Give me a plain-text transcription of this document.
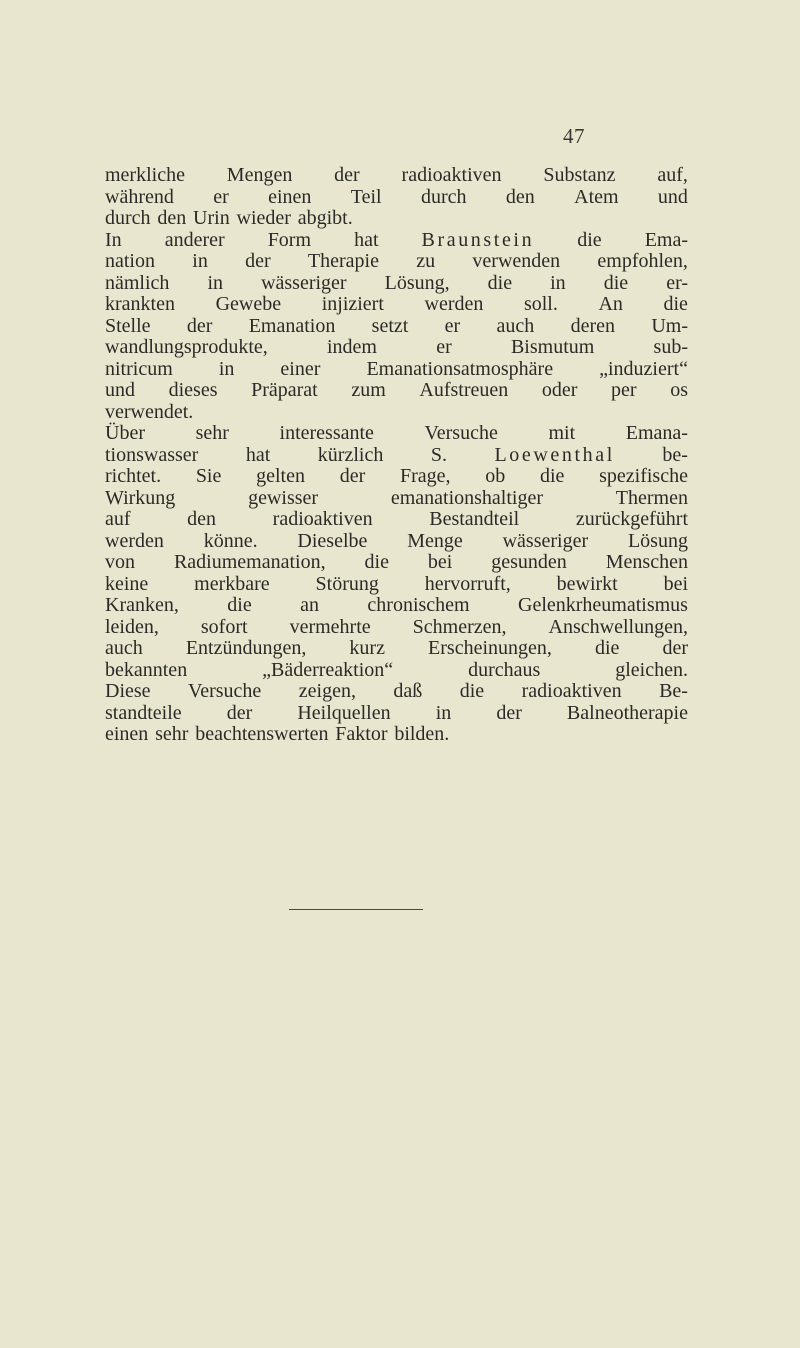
47
merkliche Mengen der radioaktiven Substanz auf,
während er einen Teil durch den Atem und
durch den Urin wieder abgibt.
In anderer Form hat Braunstein die Ema-
nation in der Therapie zu verwenden empfohlen,
nämlich in wässeriger Lösung, die in die er-
krankten Gewebe injiziert werden soll. An die
Stelle der Emanation setzt er auch deren Um-
wandlungsprodukte,	indem	er	Bismutum	sub-
nitricum in einer Emanationsatmosphäre „induziert“
und dieses Präparat zum Aufstreuen oder per os
verwendet.
Über	sehr	interessante	Versuche	mit	Emana-
tionswasser hat kürzlich S. Loewenthal be-
richtet. Sie gelten der Frage, ob die spezifische
Wirkung	gewisser	emanationshaltiger	Thermen
auf	den	radioaktiven	Bestandteil	zurückgeführt
werden könne. Dieselbe Menge wässeriger Lösung
von Radiumemanation, die bei gesunden Menschen
keine merkbare Störung hervorruft, bewirkt bei
Kranken, die an chronischem Gelenkrheumatismus
leiden, sofort vermehrte Schmerzen, Anschwellungen,
auch Entzündungen, kurz Erscheinungen, die der
bekannten	„Bäderreaktion“	durchaus	gleichen.
Diese Versuche zeigen, daß die radioaktiven Be-
standteile der Heilquellen in der Balneotherapie
einen sehr beachtenswerten Faktor bilden.
